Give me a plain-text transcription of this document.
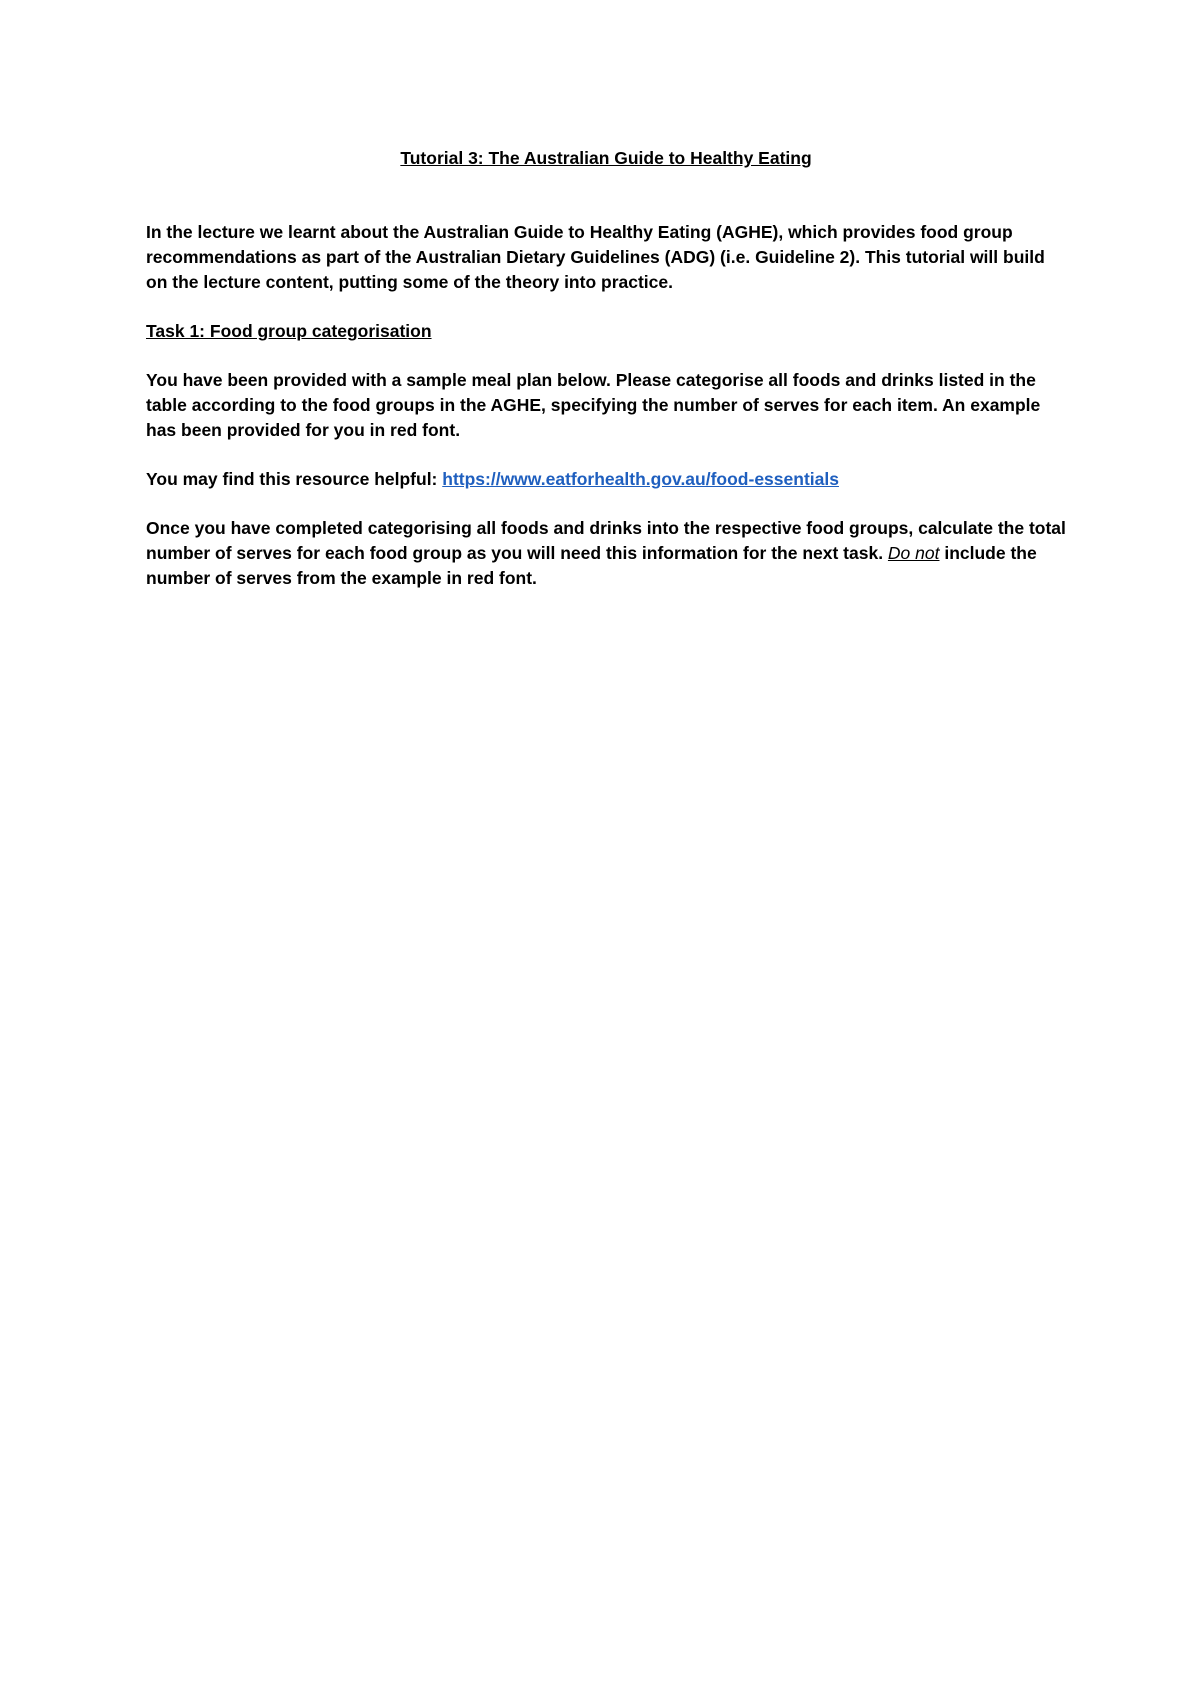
Tutorial 3: The Australian Guide to Healthy Eating

In the lecture we learnt about the Australian Guide to Healthy Eating (AGHE), which provides food group recommendations as part of the Australian Dietary Guidelines (ADG) (i.e. Guideline 2). This tutorial will build on the lecture content, putting some of the theory into practice.

Task 1: Food group categorisation

You have been provided with a sample meal plan below. Please categorise all foods and drinks listed in the table according to the food groups in the AGHE, specifying the number of serves for each item. An example has been provided for you in red font.

You may find this resource helpful: https://www.eatforhealth.gov.au/food-essentials

Once you have completed categorising all foods and drinks into the respective food groups, calculate the total number of serves for each food group as you will need this information for the next task. Do not include the number of serves from the example in red font.
